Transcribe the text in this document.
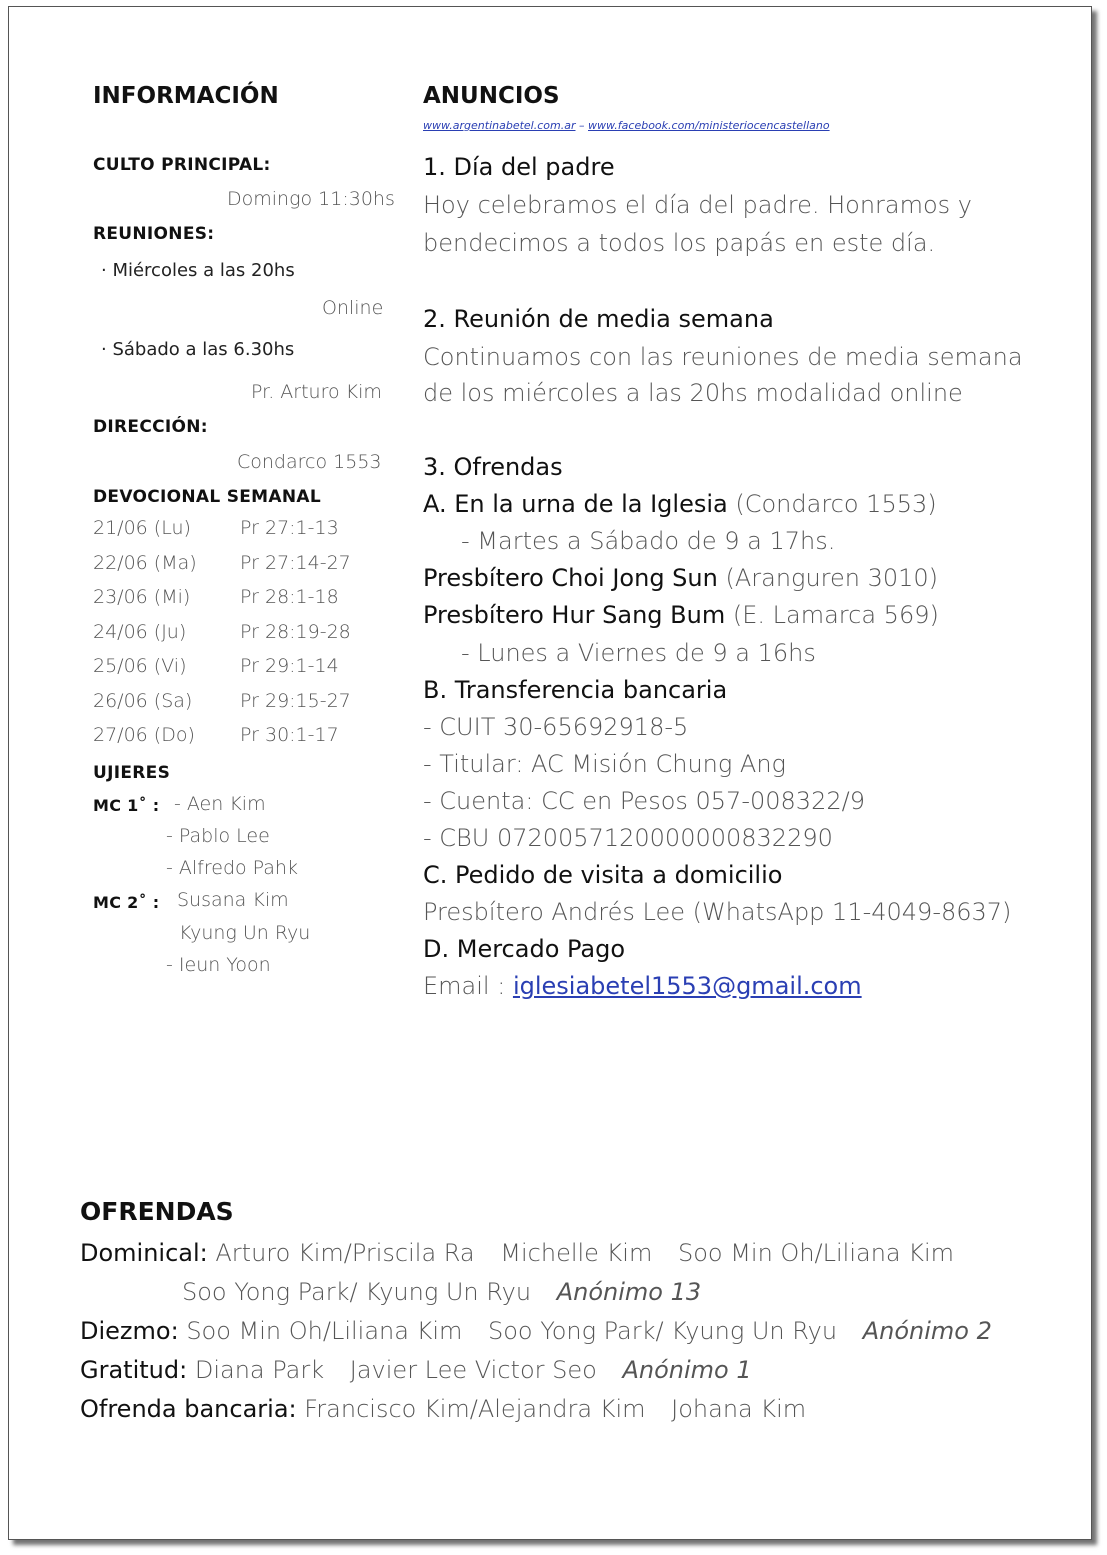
INFORMACIÓN
CULTO PRINCIPAL:
Domingo 11:30hs
REUNIONES:
· Miércoles a las 20hs
Online
· Sábado a las 6.30hs
Pr. Arturo Kim
DIRECCIÓN:
Condarco 1553
DEVOCIONAL SEMANAL
21/06 (Lu)	Pr 27:1-13
22/06 (Ma) Pr 27:14-27
23/06 (Mi)	Pr 28:1-18
24/06 (Ju)	Pr 28:19-28
25/06 (Vi)	Pr 29:1-14
26/06 (Sa)	Pr 29:15-27
27/06 (Do) Pr 30:1-17
UJIERES
MC 1˚ : - Aen Kim
- Pablo Lee
- Alfredo Pahk
MC 2˚ : Susana Kim
Kyung Un Ryu
- Ieun Yoon
ANUNCIOS
www.argentinabetel.com.ar – www.facebook.com/ministeriocencastellano
1. Día del padre
Hoy celebramos el día del padre. Honramos y
bendecimos a todos los papás en este día.
2. Reunión de media semana
Continuamos con las reuniones de media semana
de los miércoles a las 20hs modalidad online
3. Ofrendas
A. En la urna de la Iglesia (Condarco 1553)
- Martes a Sábado de 9 a 17hs.
Presbítero Choi Jong Sun (Aranguren 3010)
Presbítero Hur Sang Bum (E. Lamarca 569)
- Lunes a Viernes de 9 a 16hs
B. Transferencia bancaria
- CUIT 30-65692918-5
- Titular: AC Misión Chung Ang
- Cuenta: CC en Pesos 057-008322/9
- CBU 0720057120000000832290
C. Pedido de visita a domicilio
Presbítero Andrés Lee (WhatsApp 11-4049-8637)
D. Mercado Pago
Email : iglesiabetel1553@gmail.com
OFRENDAS
Dominical: Arturo Kim/Priscila Ra Michelle Kim Soo Min Oh/Liliana Kim
Soo Yong Park/ Kyung Un Ryu Anónimo 13
Diezmo: Soo Min Oh/Liliana Kim Soo Yong Park/ Kyung Un Ryu Anónimo 2
Gratitud: Diana Park Javier Lee Victor Seo Anónimo 1
Ofrenda bancaria: Francisco Kim/Alejandra Kim Johana Kim
